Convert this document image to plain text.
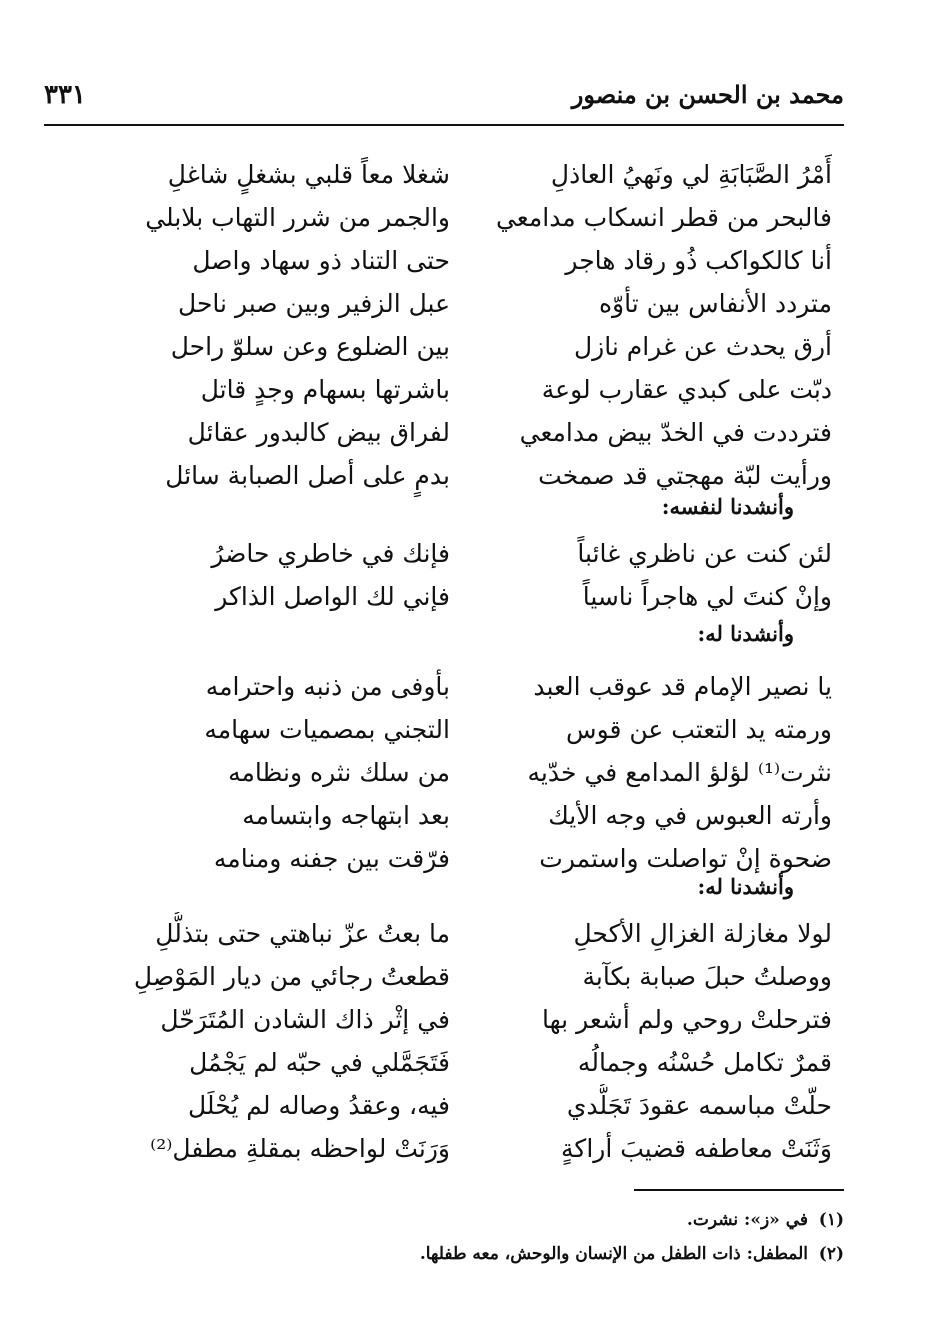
محمد بن الحسن بن منصور
٣٣١
أَمْرُ الصَّبَابَةِ لي ونَهيُ العاذلِ
شغلا معاً قلبي بشغلٍ شاغلِ
فالبحر من قطر انسكاب مدامعي
والجمر من شرر التهاب بلابلي
أنا كالكواكب ذُو رقاد هاجر
حتى التناد ذو سهاد واصل
متردد الأنفاس بين تأوّه
عبل الزفير وبين صبر ناحل
أرق يحدث عن غرام نازل
بين الضلوع وعن سلوّ راحل
دبّت على كبدي عقارب لوعة
باشرتها بسهام وجدٍ قاتل
فترددت في الخدّ بيض مدامعي
لفراق بيض كالبدور عقائل
ورأيت لبّة مهجتي قد صمخت
بدمٍ على أصل الصبابة سائل
وأنشدنا لنفسه:
لئن كنت عن ناظري غائباً
فإنك في خاطري حاضرُ
وإنْ كنتَ لي هاجراً ناسياً
فإني لك الواصل الذاكر
وأنشدنا له:
يا نصير الإمام قد عوقب العبد
بأوفى من ذنبه واحترامه
ورمته يد التعتب عن قوس
التجني بمصميات سهامه
نثرت⁽¹⁾ لؤلؤ المدامع في خدّيه
من سلك نثره ونظامه
وأرته العبوس في وجه الأيك
بعد ابتهاجه وابتسامه
ضحوة إنْ تواصلت واستمرت
فرّقت بين جفنه ومنامه
وأنشدنا له:
لولا مغازلة الغزالِ الأكحلِ
ما بعتُ عزّ نباهتي حتى بتذلُّلِ
ووصلتُ حبلَ صبابة بكآبة
قطعتُ رجائي من ديار المَوْصِلِ
فترحلتْ روحي ولم أشعر بها
في إثْر ذاك الشادن المُتَرَحّل
قمرٌ تكامل حُسْنُه وجمالُه
فَتَجَمَّلي في حبّه لم يَجْمُل
حلّتْ مباسمه عقودَ تَجَلُّدي
فيه، وعقدُ وصاله لم يُحْلَل
وَثَنَتْ معاطفه قضيبَ أراكةٍ
وَرَنَتْ لواحظه بمقلةِ مطفل⁽²⁾
(١)في «ز»: نشرت.
(٢)المطفل: ذات الطفل من الإنسان والوحش، معه طفلها.
